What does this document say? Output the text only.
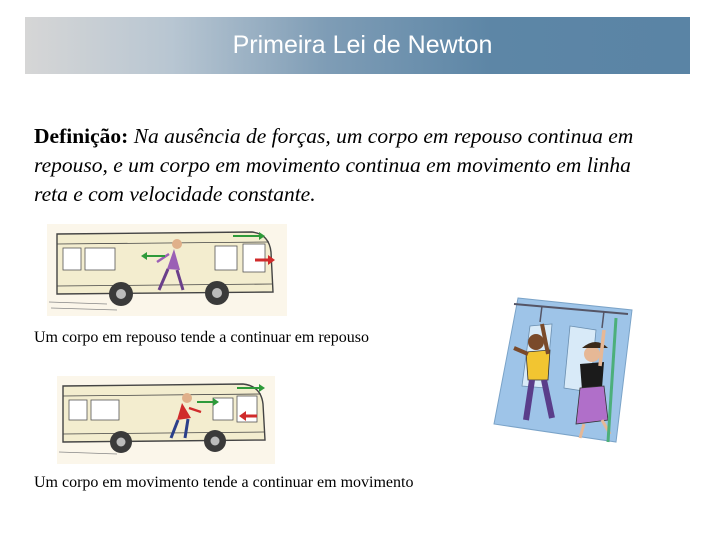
Primeira Lei de Newton
Definição: Na ausência de forças, um corpo em repouso continua em repouso, e um corpo em movimento continua em movimento em linha reta e com velocidade constante.
Um corpo em repouso tende a continuar em repouso
Um corpo em movimento tende a continuar em movimento
